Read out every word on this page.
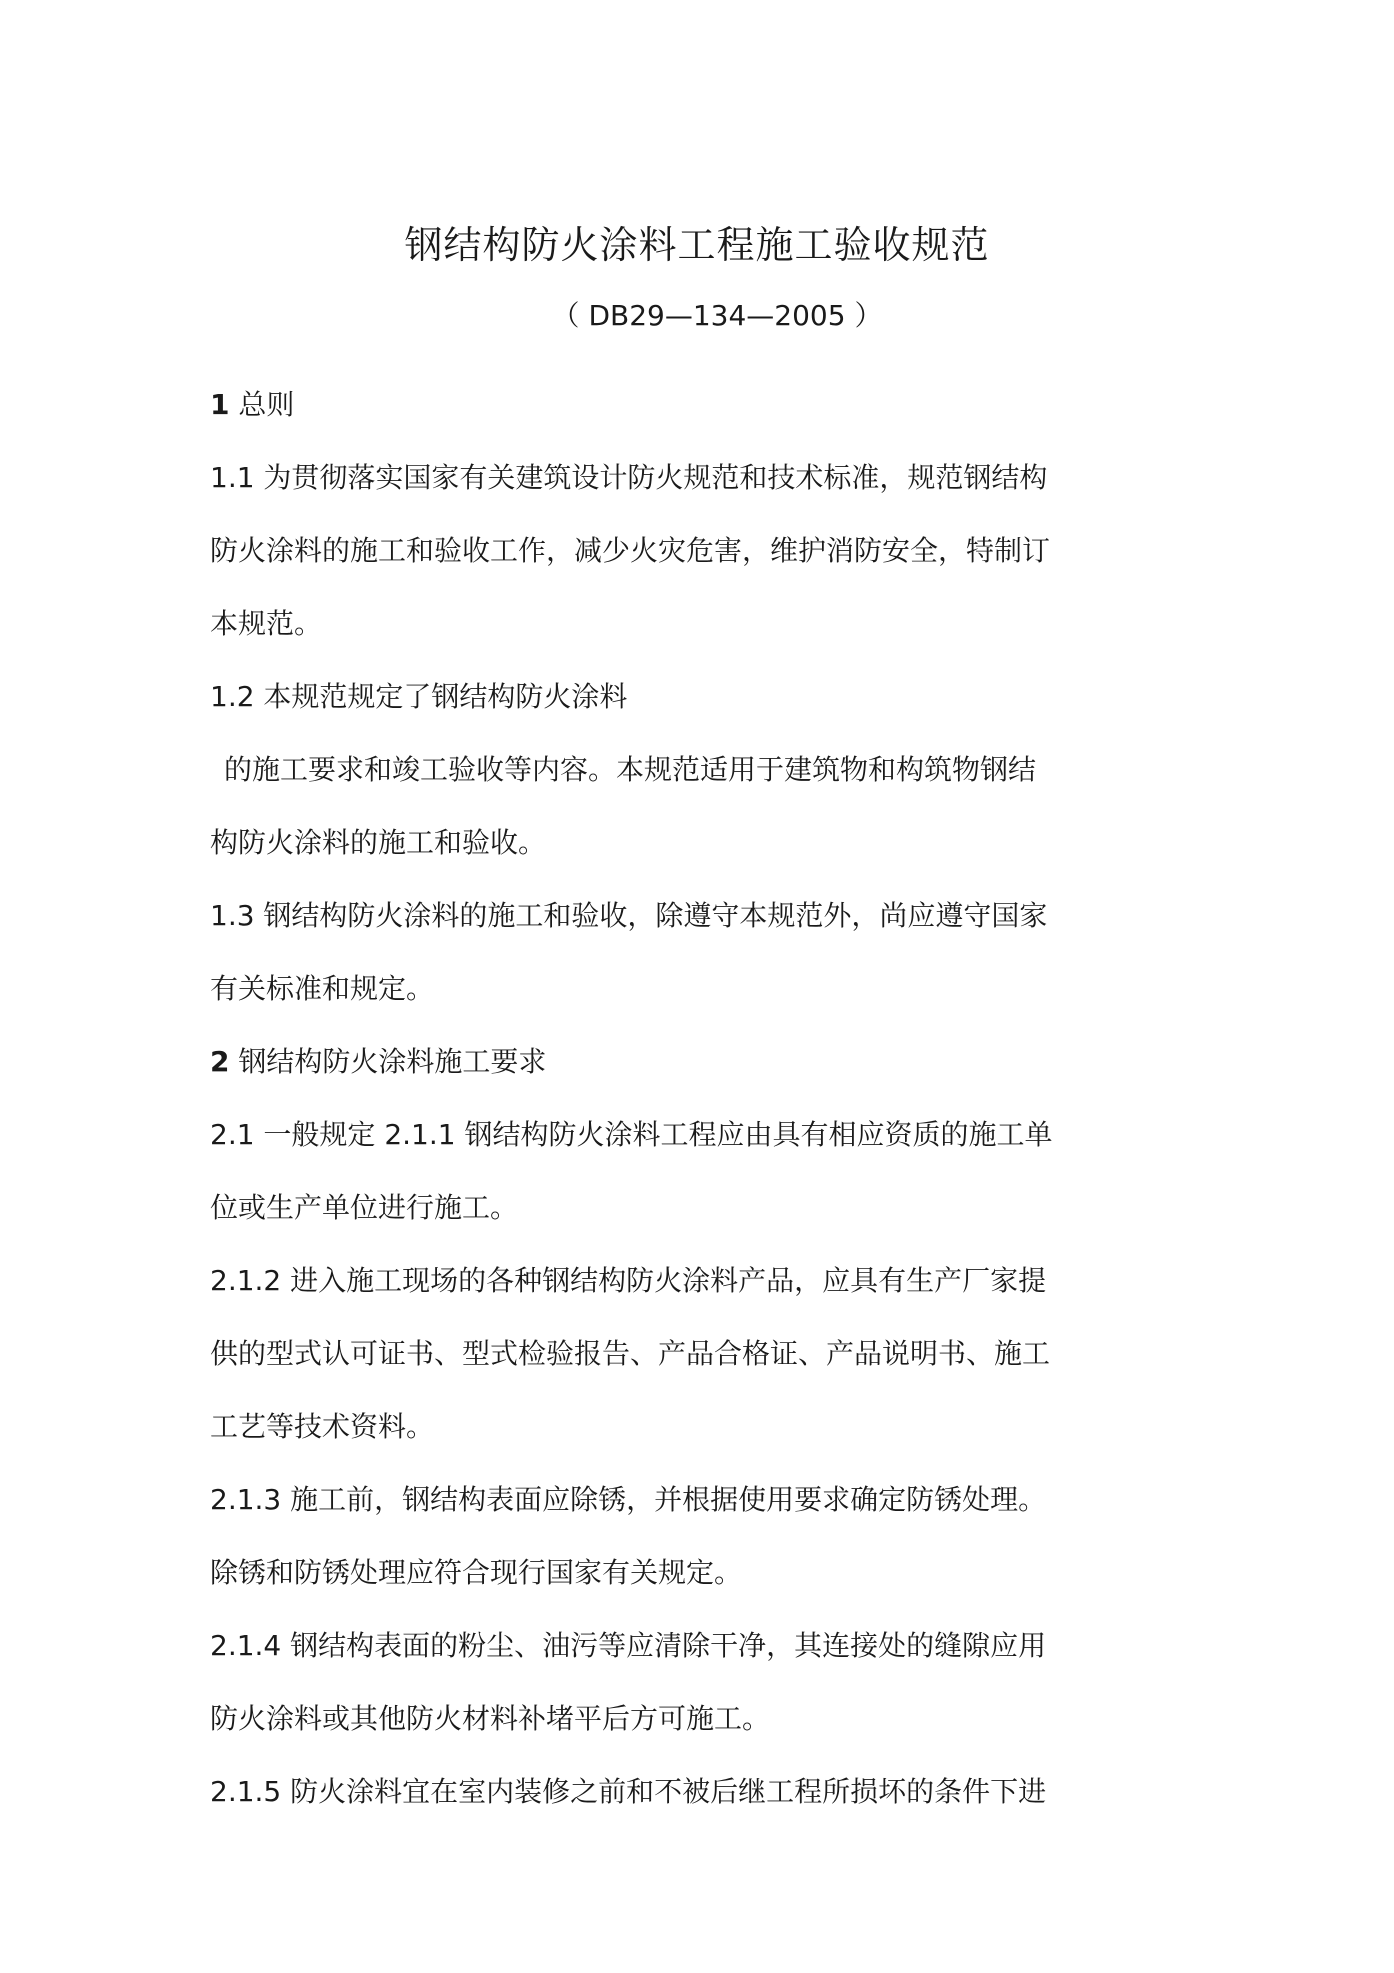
钢结构防火涂料工程施工验收规范
（ DB29—134—2005 ）
1 总则
1.1 为贯彻落实国家有关建筑设计防火规范和技术标准，规范钢结构
防火涂料的施工和验收工作，减少火灾危害，维护消防安全，特制订
本规范。
1.2 本规范规定了钢结构防火涂料
的施工要求和竣工验收等内容。本规范适用于建筑物和构筑物钢结
构防火涂料的施工和验收。
1.3 钢结构防火涂料的施工和验收，除遵守本规范外，尚应遵守国家
有关标准和规定。
2 钢结构防火涂料施工要求
2.1 一般规定 2.1.1 钢结构防火涂料工程应由具有相应资质的施工单
位或生产单位进行施工。
2.1.2 进入施工现场的各种钢结构防火涂料产品，应具有生产厂家提
供的型式认可证书、型式检验报告、产品合格证、产品说明书、施工
工艺等技术资料。
2.1.3 施工前，钢结构表面应除锈，并根据使用要求确定防锈处理。
除锈和防锈处理应符合现行国家有关规定。
2.1.4 钢结构表面的粉尘、油污等应清除干净，其连接处的缝隙应用
防火涂料或其他防火材料补堵平后方可施工。
2.1.5 防火涂料宜在室内装修之前和不被后继工程所损坏的条件下进
